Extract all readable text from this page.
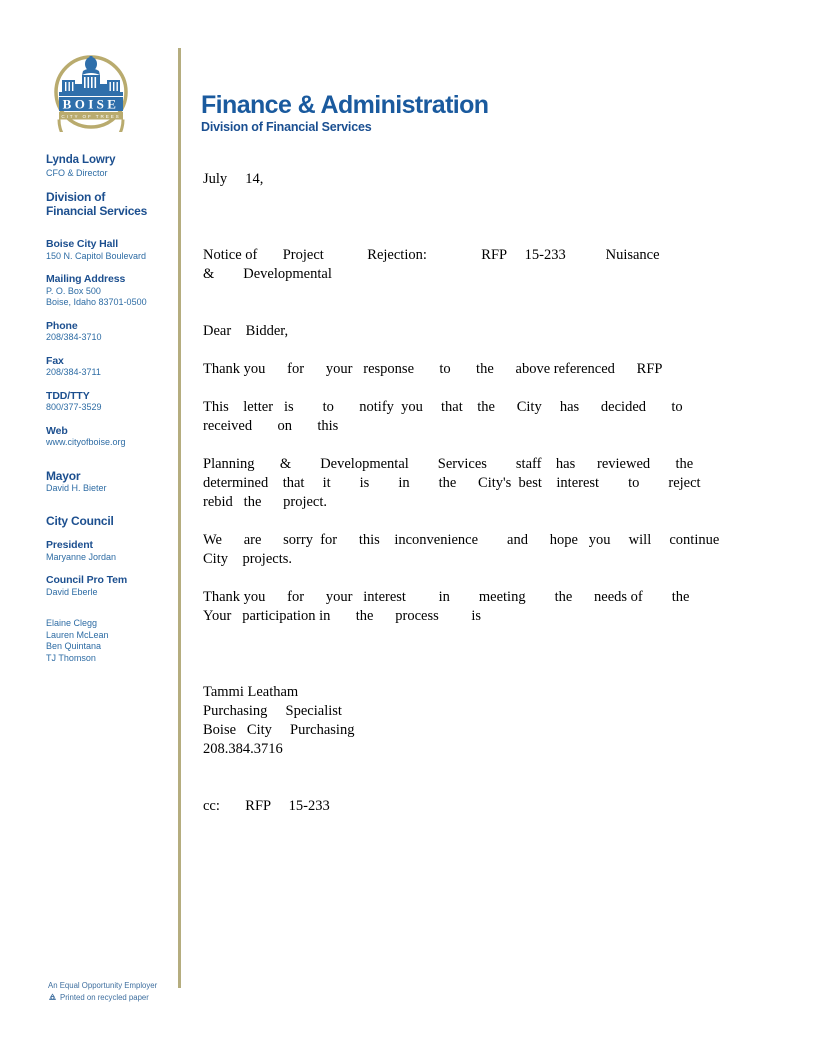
BOISE
CITY OF TREES
Lynda Lowry
CFO & Director
Division of
Financial Services
Boise City Hall
150 N. Capitol Boulevard
Mailing Address
P. O. Box 500
Boise, Idaho 83701-0500
Phone
208/384-3710
Fax
208/384-3711
TDD/TTY
800/377-3529
Web
www.cityofboise.org
Mayor
David H. Bieter
City Council
President
Maryanne Jordan
Council Pro Tem
David Eberle
Elaine Clegg
Lauren McLean
Ben Quintana
TJ Thomson
An Equal Opportunity Employer
Printed on recycled paper
Finance & Administration
Division of Financial Services
July     14,
Notice of       Project            Rejection:               RFP     15-233           Nuisance
&        Developmental
Dear    Bidder,
Thank you      for      your   response       to       the      above referenced      RFP
This    letter   is        to       notify  you     that    the      City     has      decided       to
received       on       this
Planning       &        Developmental        Services        staff    has      reviewed       the
determined    that     it        is        in        the      City's  best    interest        to        reject
rebid   the      project.
We      are      sorry  for      this    inconvenience        and      hope   you     will     continue
City    projects.
Thank you      for      your   interest         in        meeting        the      needs of        the
Your   participation in       the      process         is
Tammi Leatham
Purchasing     Specialist
Boise   City     Purchasing
208.384.3716
cc:       RFP     15-233
